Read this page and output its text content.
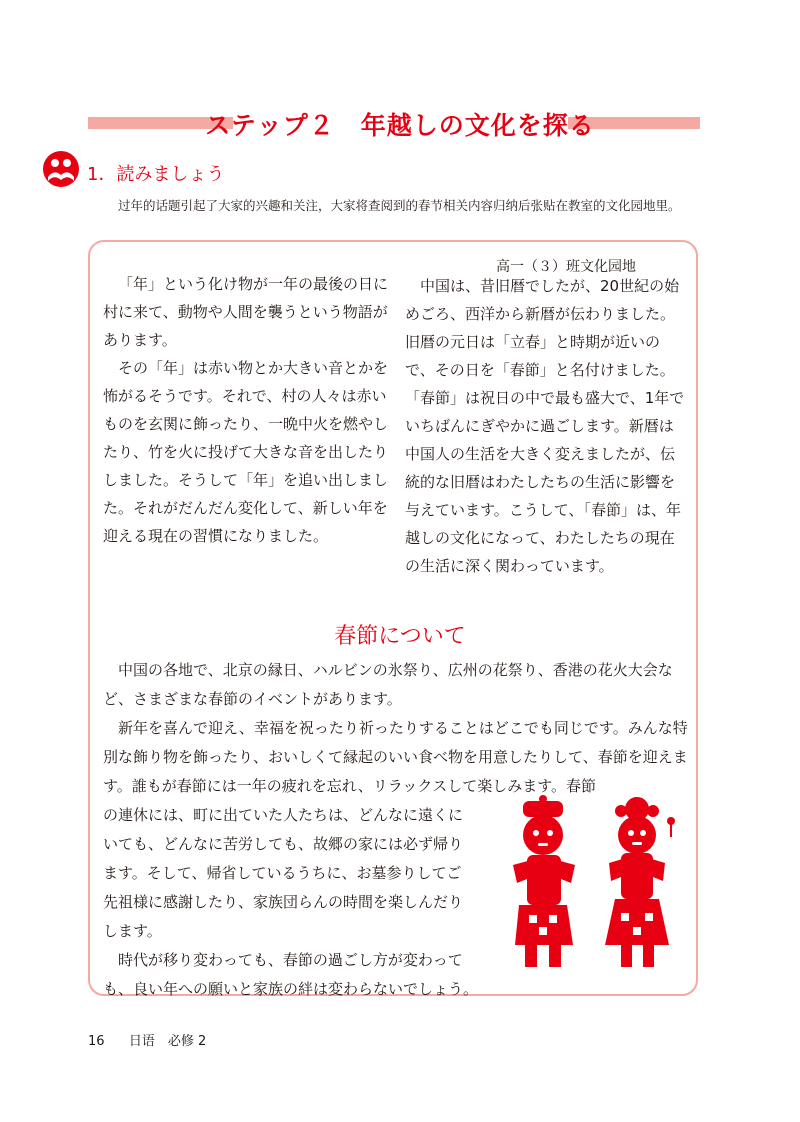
ステップ２　年越しの文化を探る
1．読みましょう
过年的话题引起了大家的兴趣和关注，大家将查阅到的春节相关内容归纳后张贴在教室的文化园地里。
高一（３）班文化园地

「年」という化け物が一年の最後の日に村に来て、動物や人間を襲うという物語があります。

その「年」は赤い物とか大きい音とかを怖がるそうです。それで、村の人々は赤いものを玄関に飾ったり、一晩中火を燃やしたり、竹を火に投げて大きな音を出したりしました。そうして「年」を追い出しました。それがだんだん変化して、新しい年を迎える現在の習慣になりました。

中国は、昔旧暦でしたが、20世紀の始めごろ、西洋から新暦が伝わりました。旧暦の元日は「立春」と時期が近いので、その日を「春節」と名付けました。「春節」は祝日の中で最も盛大で、1年でいちばんにぎやかに過ごします。新暦は中国人の生活を大きく変えましたが、伝統的な旧暦はわたしたちの生活に影響を与えています。こうして、「春節」は、年越しの文化になって、わたしたちの現在の生活に深く関わっています。

春節について

中国の各地で、北京の縁日、ハルビンの氷祭り、広州の花祭り、香港の花火大会など、さまざまな春節のイベントがあります。

新年を喜んで迎え、幸福を祝ったり祈ったりすることはどこでも同じです。みんな特別な飾り物を飾ったり、おいしくて縁起のいい食べ物を用意したりして、春節を迎えます。誰もが春節には一年の疲れを忘れ、リラックスして楽しみます。春節

の連休には、町に出ていた人たちは、どんなに遠くに
いても、どんなに苦労しても、故郷の家には必ず帰り
ます。そして、帰省しているうちに、お墓参りしてご
先祖様に感謝したり、家族団らんの時間を楽しんだり
します。
時代が移り変わっても、春節の過ごし方が変わって
も、良い年への願いと家族の絆は変わらないでしょう。
16 日语　必修 2
